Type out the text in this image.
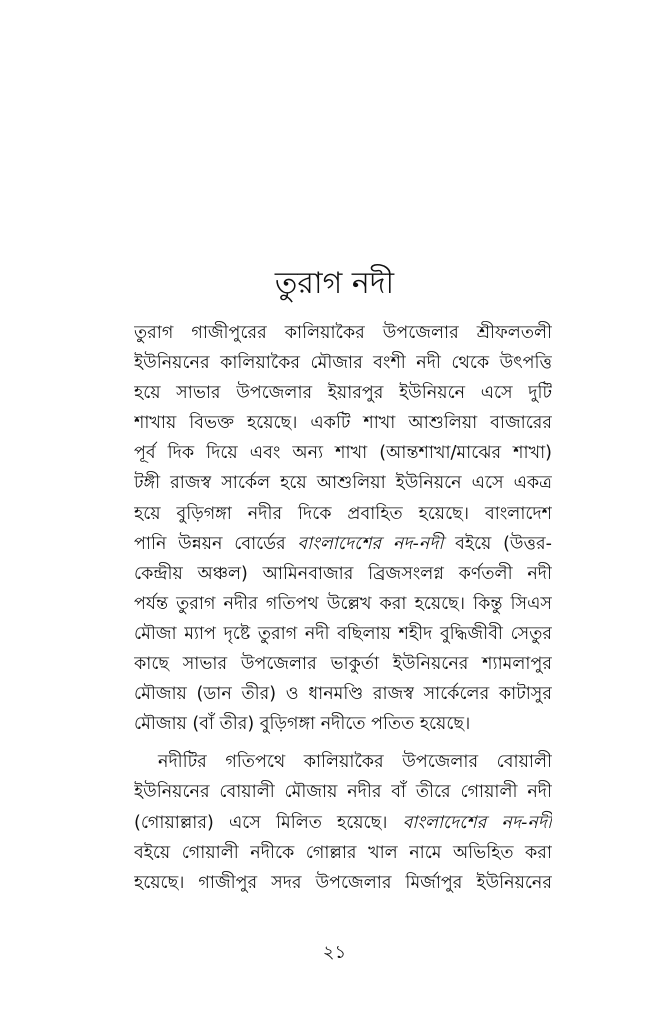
তুরাগ নদী

তুরাগ গাজীপুরের কালিয়াকৈর উপজেলার শ্রীফলতলী
ইউনিয়নের কালিয়াকৈর মৌজার বংশী নদী থেকে উৎপত্তি
হয়ে সাভার উপজেলার ইয়ারপুর ইউনিয়নে এসে দুটি
শাখায় বিভক্ত হয়েছে। একটি শাখা আশুলিয়া বাজারের
পূর্ব দিক দিয়ে এবং অন্য শাখা (আন্তশাখা/মাঝের শাখা)
টঙ্গী রাজস্ব সার্কেল হয়ে আশুলিয়া ইউনিয়নে এসে একত্র
হয়ে বুড়িগঙ্গা নদীর দিকে প্রবাহিত হয়েছে। বাংলাদেশ
পানি উন্নয়ন বোর্ডের বাংলাদেশের নদ-নদী বইয়ে (উত্তর-
কেন্দ্রীয় অঞ্চল) আমিনবাজার ব্রিজসংলগ্ন কর্ণতলী নদী
পর্যন্ত তুরাগ নদীর গতিপথ উল্লেখ করা হয়েছে। কিন্তু সিএস
মৌজা ম্যাপ দৃষ্টে তুরাগ নদী বছিলায় শহীদ বুদ্ধিজীবী সেতুর
কাছে সাভার উপজেলার ভাকুর্তা ইউনিয়নের শ্যামলাপুর
মৌজায় (ডান তীর) ও ধানমণ্ডি রাজস্ব সার্কেলের কাটাসুর
মৌজায় (বাঁ তীর) বুড়িগঙ্গা নদীতে পতিত হয়েছে।

নদীটির গতিপথে কালিয়াকৈর উপজেলার বোয়ালী
ইউনিয়নের বোয়ালী মৌজায় নদীর বাঁ তীরে গোয়ালী নদী
(গোয়াল্লার) এসে মিলিত হয়েছে। বাংলাদেশের নদ-নদী
বইয়ে গোয়ালী নদীকে গোল্লার খাল নামে অভিহিত করা
হয়েছে। গাজীপুর সদর উপজেলার মির্জাপুর ইউনিয়নের

২১
